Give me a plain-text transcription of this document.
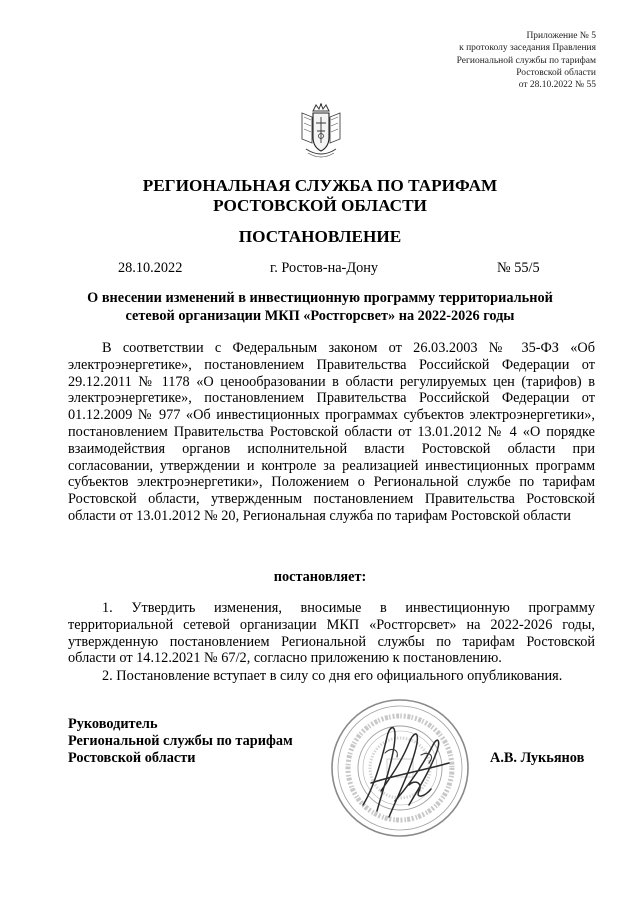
Приложение № 5
к протоколу заседания Правления
Региональной службы по тарифам
Ростовской области
от 28.10.2022 № 55
РЕГИОНАЛЬНАЯ СЛУЖБА ПО ТАРИФАМ
РОСТОВСКОЙ ОБЛАСТИ
ПОСТАНОВЛЕНИЕ
28.10.2022	г. Ростов-на-Дону	№ 55/5
О внесении изменений в инвестиционную программу территориальной
сетевой организации МКП «Ростгорсвет» на 2022-2026 годы

В соответствии с Федеральным законом от 26.03.2003 № 35-ФЗ «Об электроэнергетике», постановлением Правительства Российской Федерации от 29.12.2011 № 1178 «О ценообразовании в области регулируемых цен (тарифов) в электроэнергетике», постановлением Правительства Российской Федерации от 01.12.2009 № 977 «Об инвестиционных программах субъектов электроэнергетики», постановлением Правительства Ростовской области от 13.01.2012 № 4 «О порядке взаимодействия органов исполнительной власти Ростовской области при согласовании, утверждении и контроле за реализацией инвестиционных программ субъектов электроэнергетики», Положением о Региональной службе по тарифам Ростовской области, утвержденным постановлением Правительства Ростовской области от 13.01.2012 № 20, Региональная служба по тарифам Ростовской области

постановляет:

1. Утвердить изменения, вносимые в инвестиционную программу территориальной сетевой организации МКП «Ростгорсвет» на 2022-2026 годы, утвержденную постановлением Региональной службы по тарифам Ростовской области от 14.12.2021 № 67/2, согласно приложению к постановлению.

2. Постановление вступает в силу со дня его официального опубликования.

Руководитель
Региональной службы по тарифам
Ростовской области	А.В. Лукьянов
